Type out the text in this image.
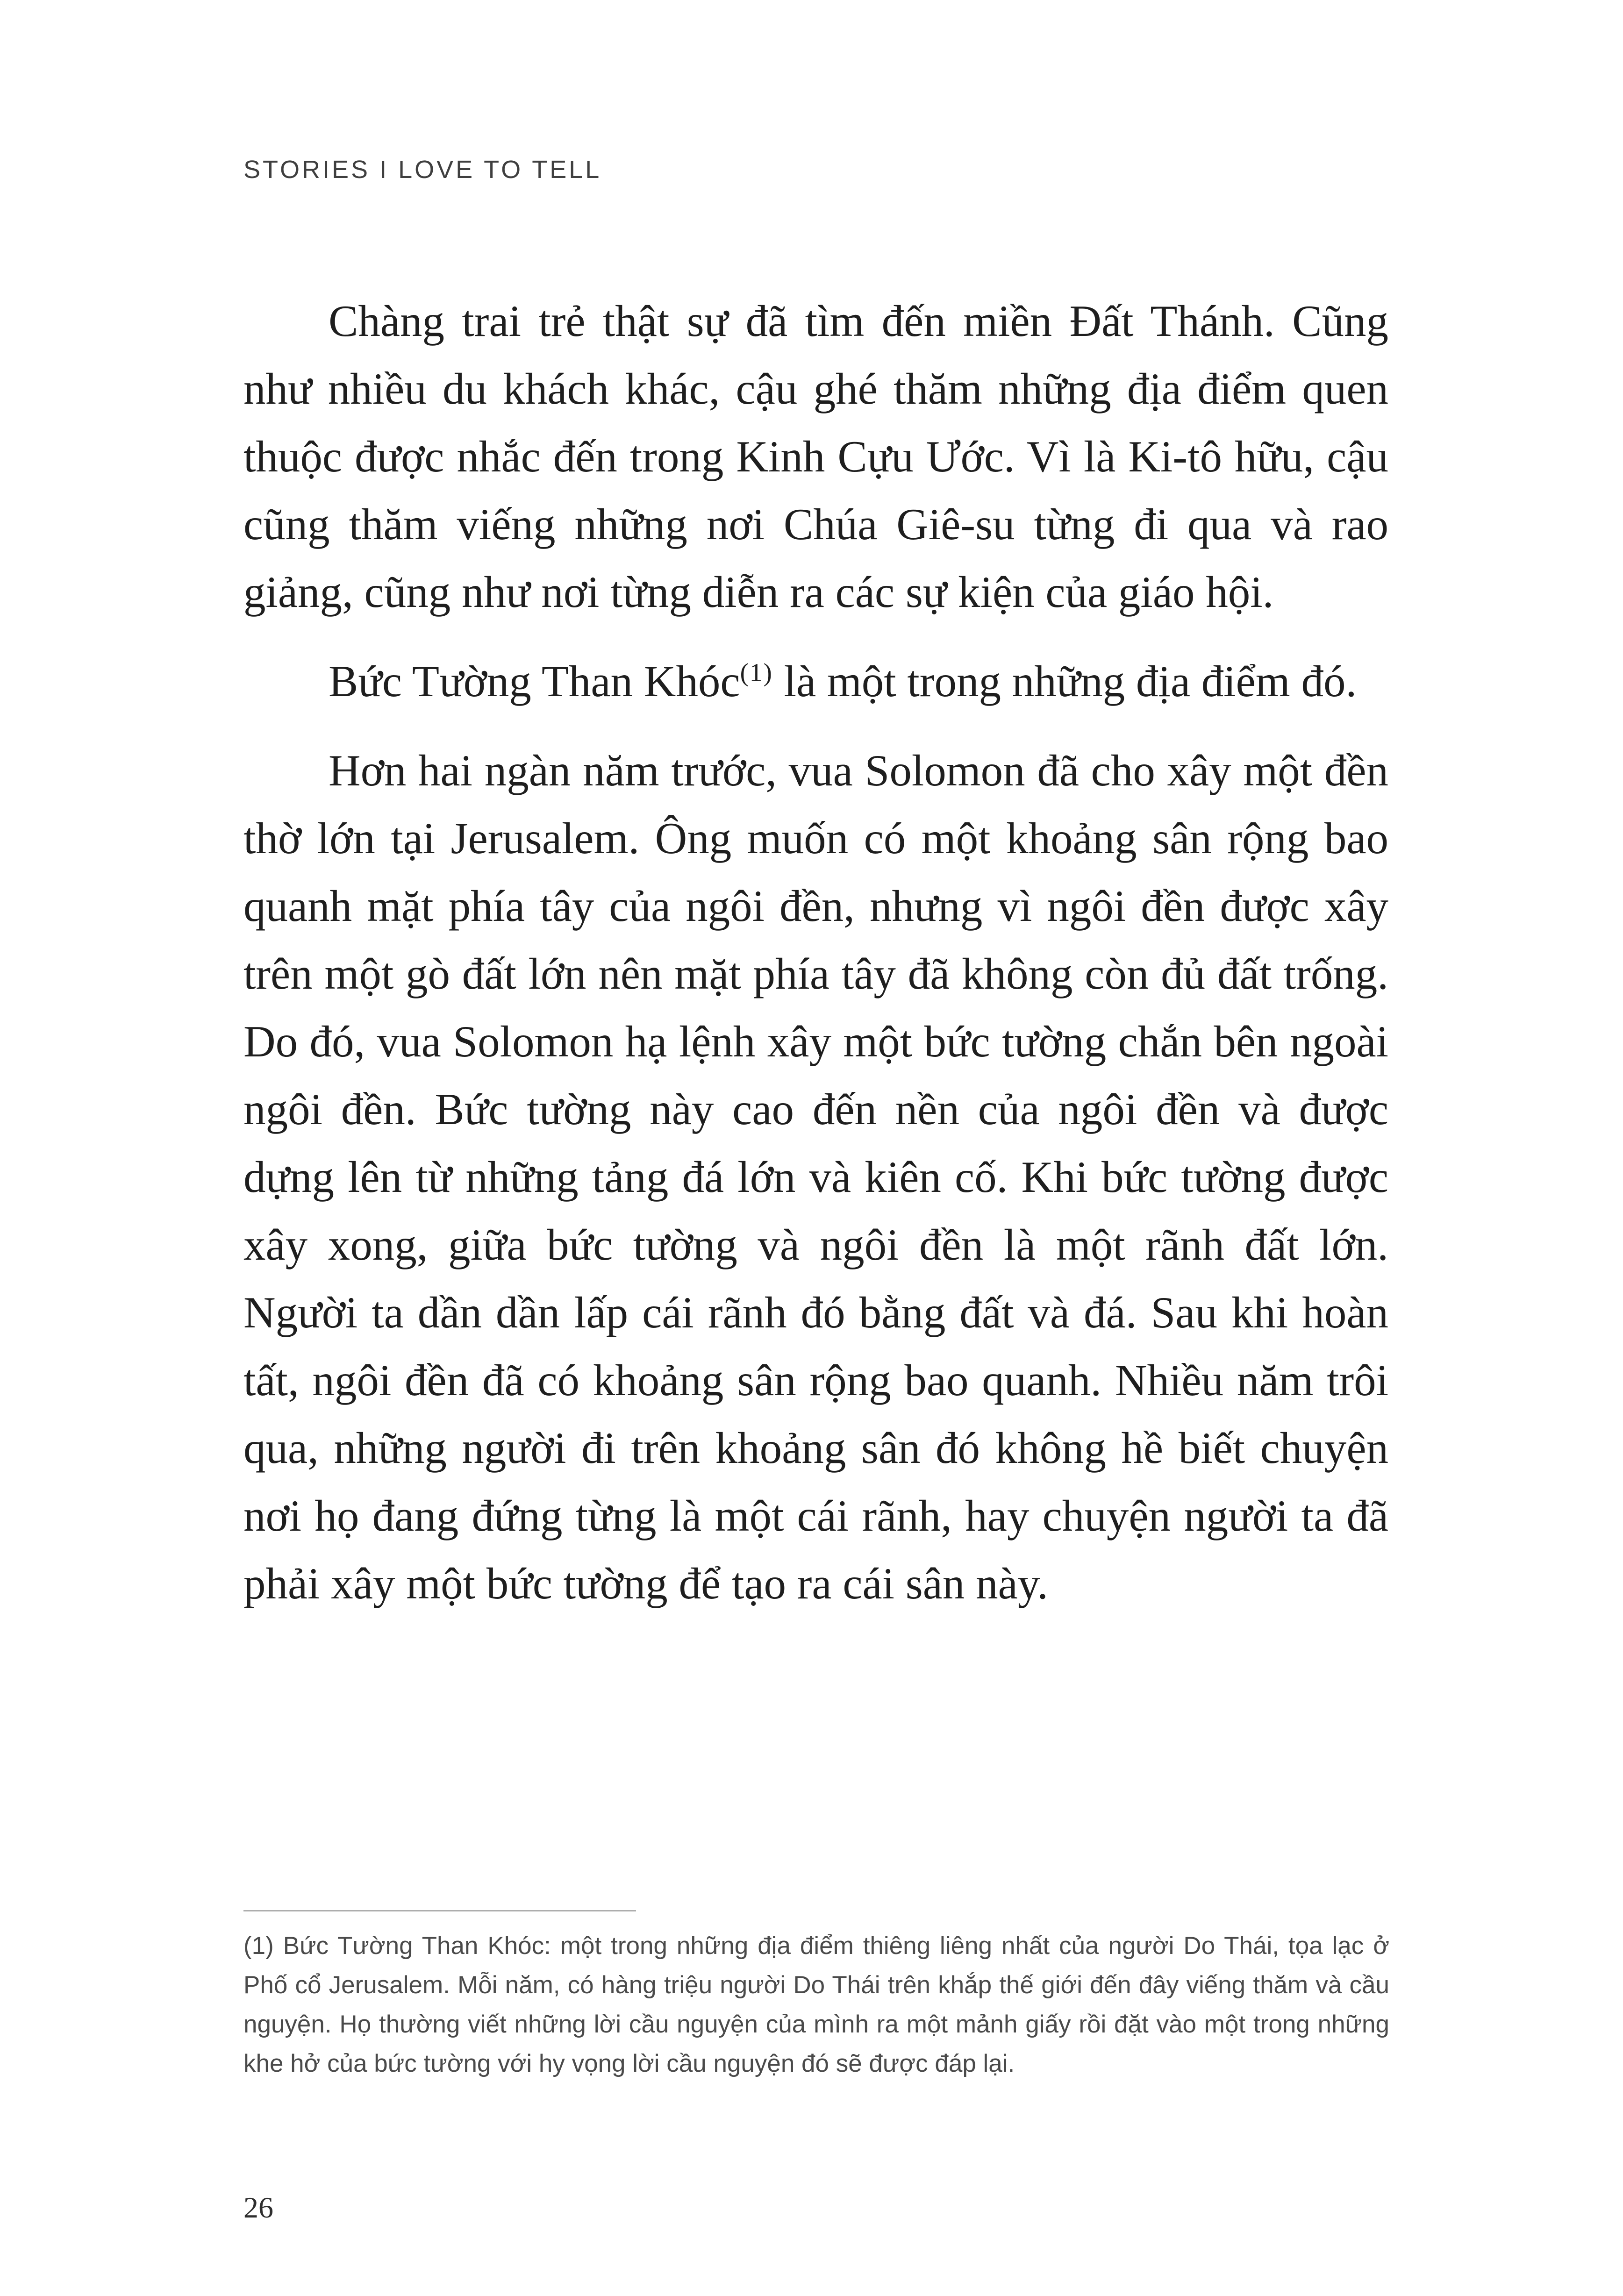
STORIES I LOVE TO TELL

Chàng trai trẻ thật sự đã tìm đến miền Đất Thánh. Cũng như nhiều du khách khác, cậu ghé thăm những địa điểm quen thuộc được nhắc đến trong Kinh Cựu Ước. Vì là Ki-tô hữu, cậu cũng thăm viếng những nơi Chúa Giê-su từng đi qua và rao giảng, cũng như nơi từng diễn ra các sự kiện của giáo hội.

Bức Tường Than Khóc$^{(1)}$ là một trong những địa điểm đó.

Hơn hai ngàn năm trước, vua Solomon đã cho xây một đền thờ lớn tại Jerusalem. Ông muốn có một khoảng sân rộng bao quanh mặt phía tây của ngôi đền, nhưng vì ngôi đền được xây trên một gò đất lớn nên mặt phía tây đã không còn đủ đất trống. Do đó, vua Solomon hạ lệnh xây một bức tường chắn bên ngoài ngôi đền. Bức tường này cao đến nền của ngôi đền và được dựng lên từ những tảng đá lớn và kiên cố. Khi bức tường được xây xong, giữa bức tường và ngôi đền là một rãnh đất lớn. Người ta dần dần lấp cái rãnh đó bằng đất và đá. Sau khi hoàn tất, ngôi đền đã có khoảng sân rộng bao quanh. Nhiều năm trôi qua, những người đi trên khoảng sân đó không hề biết chuyện nơi họ đang đứng từng là một cái rãnh, hay chuyện người ta đã phải xây một bức tường để tạo ra cái sân này.

(1) Bức Tường Than Khóc: một trong những địa điểm thiêng liêng nhất của người Do Thái, tọa lạc ở Phố cổ Jerusalem. Mỗi năm, có hàng triệu người Do Thái trên khắp thế giới đến đây viếng thăm và cầu nguyện. Họ thường viết những lời cầu nguyện của mình ra một mảnh giấy rồi đặt vào một trong những khe hở của bức tường với hy vọng lời cầu nguyện đó sẽ được đáp lại.

26
